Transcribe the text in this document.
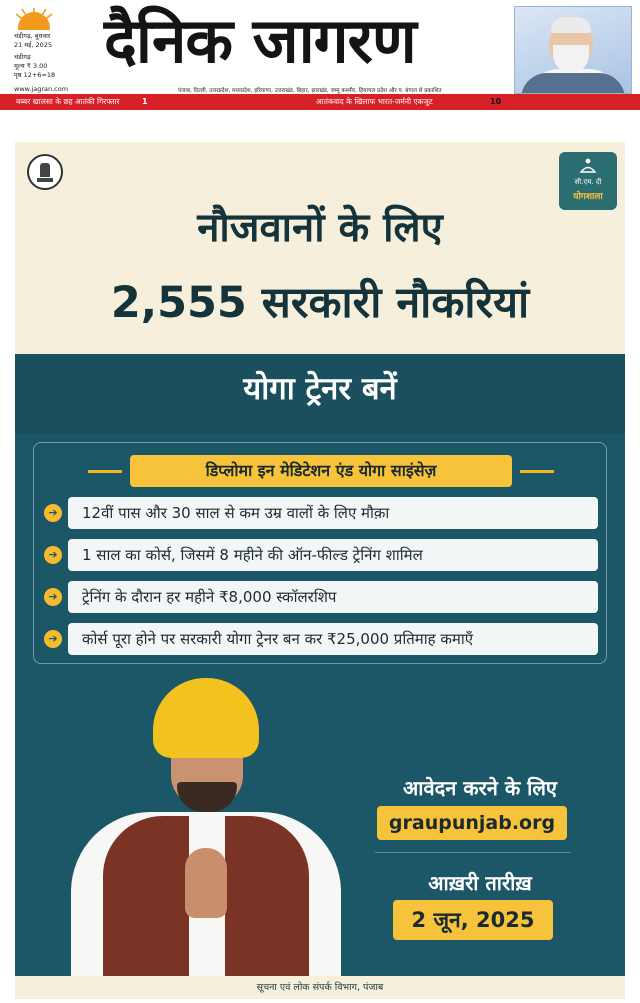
चंडीगढ़, बुधवार
21 मई, 2025
चंडीगढ़
मूल्य ₹ 3.00
पृष्ठ 12+6=18
www.jagran.com
दैनिक जागरण
पंजाब, दिल्ली, उत्तरप्रदेश, मध्यप्रदेश, हरियाणा, उत्तराखंड, बिहार, झारखंड, जम्मू कश्मीर, हिमाचल प्रदेश और प. बंगाल से प्रकाशित
बब्बर खालसा के छह आतंकी गिरफ्तार	1	आतंकवाद के खिलाफ भारत-जर्मनी एकजुट	10
सी.एम. दी
योगशाला
नौजवानों के लिए
2,555 सरकारी नौकरियां
योगा ट्रेनर बनें
डिप्लोमा इन मेडिटेशन एंड योगा साइंसेज़
➔	12वीं पास और 30 साल से कम उम्र वालों के लिए मौक़ा
➔	1 साल का कोर्स, जिसमें 8 महीने की ऑन-फील्ड ट्रेनिंग शामिल
➔	ट्रेनिंग के दौरान हर महीने ₹8,000 स्कॉलरशिप
➔	कोर्स पूरा होने पर सरकारी योगा ट्रेनर बन कर ₹25,000 प्रतिमाह कमाएँ
आवेदन करने के लिए
graupunjab.org
आख़री तारीख़
2 जून, 2025
सूचना एवं लोक संपर्क विभाग, पंजाब
